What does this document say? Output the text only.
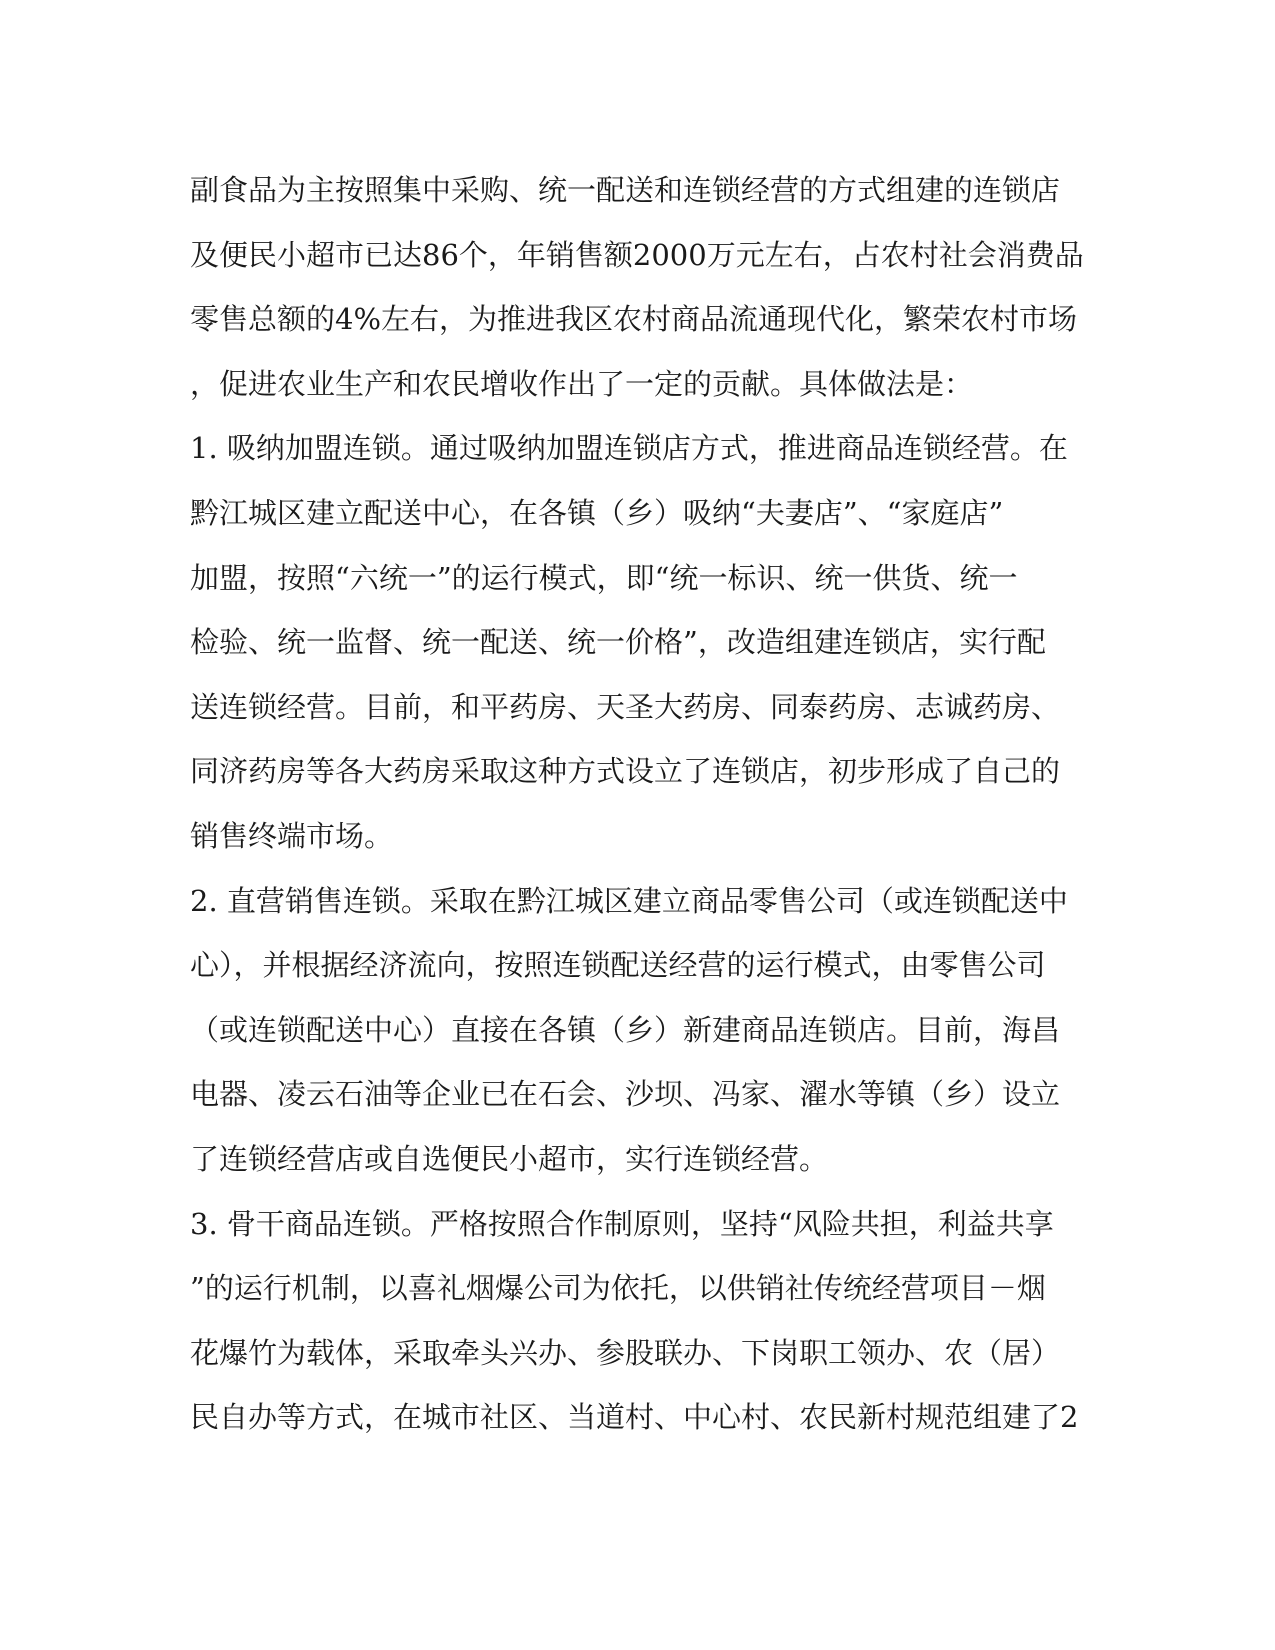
副食品为主按照集中采购、统一配送和连锁经营的方式组建的连锁店
及便民小超市已达86个，年销售额2000万元左右，占农村社会消费品
零售总额的4%左右，为推进我区农村商品流通现代化，繁荣农村市场
，促进农业生产和农民增收作出了一定的贡献。具体做法是：
1. 吸纳加盟连锁。通过吸纳加盟连锁店方式，推进商品连锁经营。在
黔江城区建立配送中心，在各镇（乡）吸纳“夫妻店”、“家庭店”
加盟，按照“六统一”的运行模式，即“统一标识、统一供货、统一
检验、统一监督、统一配送、统一价格”，改造组建连锁店，实行配
送连锁经营。目前，和平药房、天圣大药房、同泰药房、志诚药房、
同济药房等各大药房采取这种方式设立了连锁店，初步形成了自己的
销售终端市场。
2. 直营销售连锁。采取在黔江城区建立商品零售公司（或连锁配送中
心），并根据经济流向，按照连锁配送经营的运行模式，由零售公司
（或连锁配送中心）直接在各镇（乡）新建商品连锁店。目前，海昌
电器、凌云石油等企业已在石会、沙坝、冯家、濯水等镇（乡）设立
了连锁经营店或自选便民小超市，实行连锁经营。
3. 骨干商品连锁。严格按照合作制原则，坚持“风险共担，利益共享
”的运行机制，以喜礼烟爆公司为依托，以供销社传统经营项目－烟
花爆竹为载体，采取牵头兴办、参股联办、下岗职工领办、农（居）
民自办等方式，在城市社区、当道村、中心村、农民新村规范组建了2
